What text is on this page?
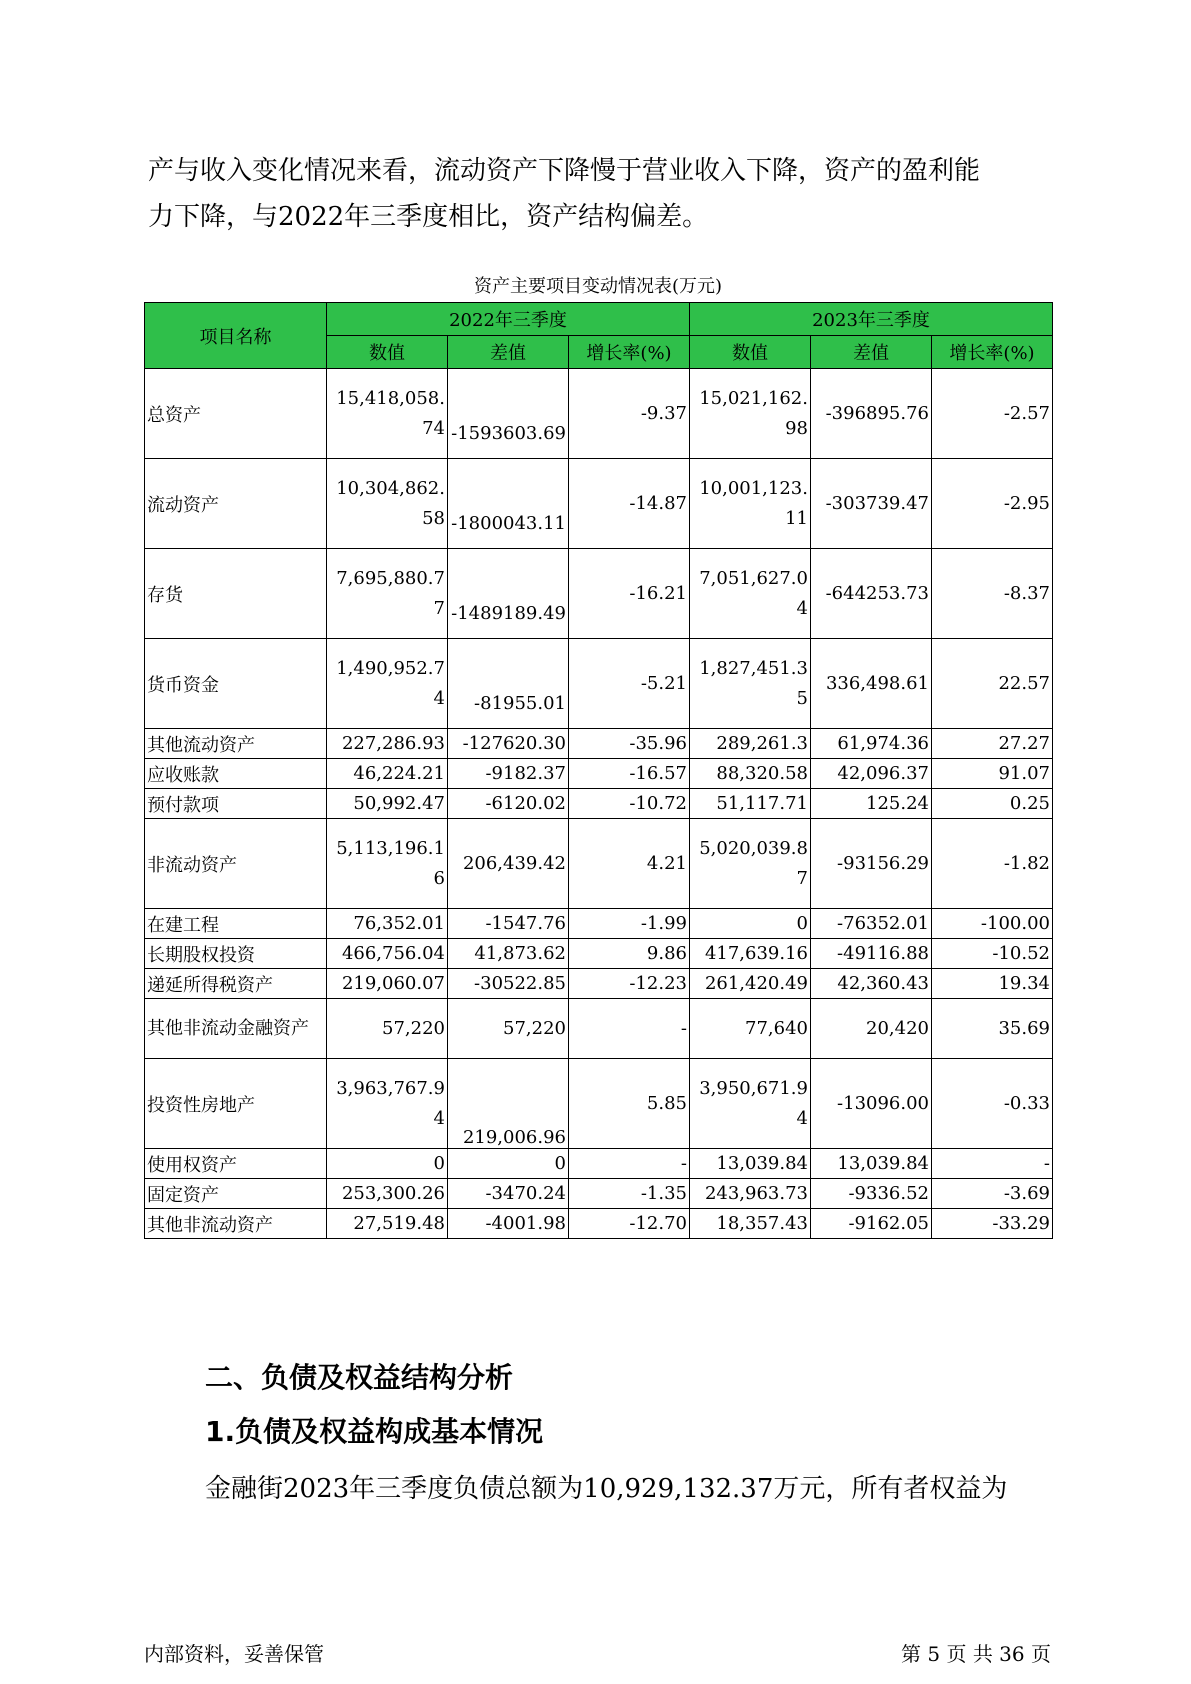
产与收入变化情况来看，流动资产下降慢于营业收入下降，资产的盈利能
力下降，与2022年三季度相比，资产结构偏差。

资产主要项目变动情况表(万元)
项目名称	2022年三季度			2023年三季度		
	数值	差值	增长率(%)	数值	差值	增长率(%)
总资产	15,418,058.74	-1593603.69	-9.37	15,021,162.98	-396895.76	-2.57
流动资产	10,304,862.58	-1800043.11	-14.87	10,001,123.11	-303739.47	-2.95
存货	7,695,880.77	-1489189.49	-16.21	7,051,627.04	-644253.73	-8.37
货币资金	1,490,952.74	-81955.01	-5.21	1,827,451.35	336,498.61	22.57
其他流动资产	227,286.93	-127620.30	-35.96	289,261.3	61,974.36	27.27
应收账款	46,224.21	-9182.37	-16.57	88,320.58	42,096.37	91.07
预付款项	50,992.47	-6120.02	-10.72	51,117.71	125.24	0.25
非流动资产	5,113,196.16	206,439.42	4.21	5,020,039.87	-93156.29	-1.82
在建工程	76,352.01	-1547.76	-1.99	0	-76352.01	-100.00
长期股权投资	466,756.04	41,873.62	9.86	417,639.16	-49116.88	-10.52
递延所得税资产	219,060.07	-30522.85	-12.23	261,420.49	42,360.43	19.34
其他非流动金融资产	57,220	57,220	-	77,640	20,420	35.69
投资性房地产	3,963,767.94	219,006.96	5.85	3,950,671.94	-13096.00	-0.33
使用权资产	0	0	-	13,039.84	13,039.84	-
固定资产	253,300.26	-3470.24	-1.35	243,963.73	-9336.52	-3.69
其他非流动资产	27,519.48	-4001.98	-12.70	18,357.43	-9162.05	-33.29
二、负债及权益结构分析
1.负债及权益构成基本情况

金融街2023年三季度负债总额为10,929,132.37万元，所有者权益为

内部资料，妥善保管	第 5 页 共 36 页
